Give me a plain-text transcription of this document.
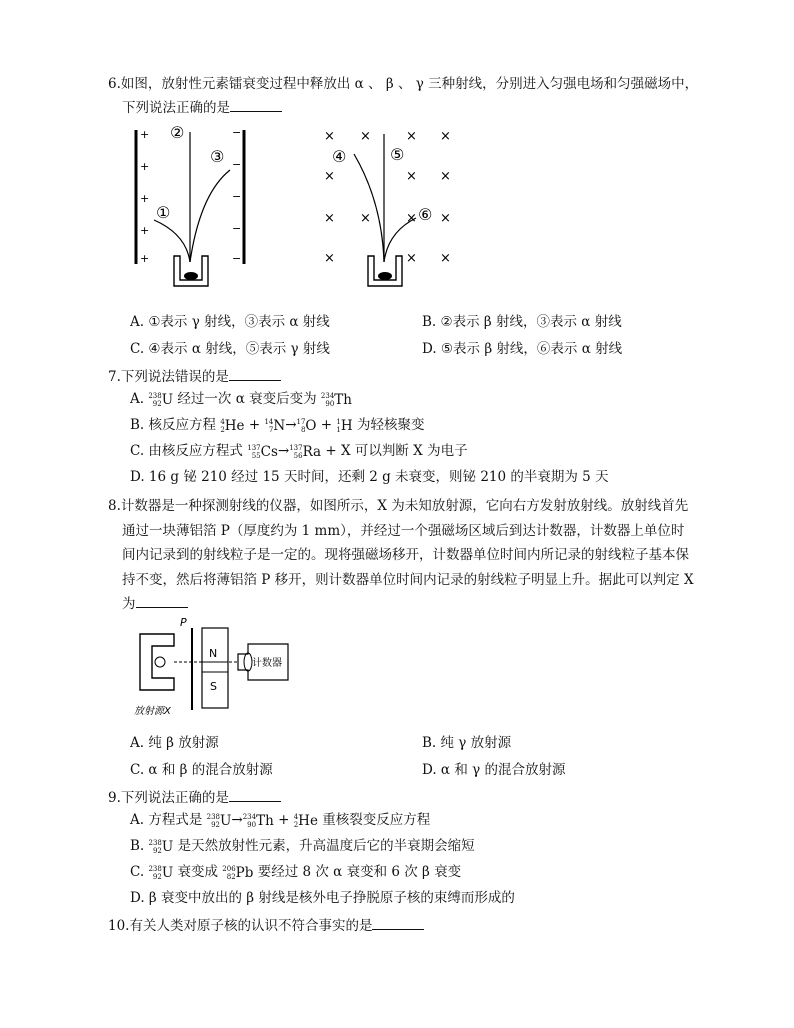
6.如图，放射性元素镭衰变过程中释放出 α 、 β 、 γ 三种射线，分别进入匀强电场和匀强磁场中，
下列说法正确的是
+
+
+
+
+
−
−
−
−
−
②
①
③
× ×	× ×
×	× ×
× ×	× ×
×	× ×
④	⑤
⑥
A. ①表示 γ 射线，③表示 α 射线	B. ②表示 β 射线，③表示 α 射线
C. ④表示 α 射线，⑤表示 γ 射线	D. ⑤表示 β 射线，⑥表示 α 射线
7.下列说法错误的是
A. 238
92 U 经过一次 α 衰变后变为 234
90 Th
B. 核反应方程 4
2 He + 14
7 N→ 17
8 O + 1
1 H 为轻核聚变
C. 由核反应方程式 137
55 Cs→ 137
56 Ra + X 可以判断 X 为电子
D. 16 g 铋 210 经过 15 天时间，还剩 2 g 未衰变，则铋 210 的半衰期为 5 天
8.计数器是一种探测射线的仪器，如图所示，X 为未知放射源，它向右方发射放射线。放射线首先
通过一块薄铝箔 P（厚度约为 1 mm），并经过一个强磁场区域后到达计数器，计数器上单位时
间内记录到的射线粒子是一定的。现将强磁场移开，计数器单位时间内所记录的射线粒子基本保
持不变，然后将薄铝箔 P 移开，则计数器单位时间内记录的射线粒子明显上升。据此可以判定 X
为
P
N
S
计数器
放射源X
A. 纯 β 放射源	B. 纯 γ 放射源
C. α 和 β 的混合放射源	D. α 和 γ 的混合放射源
9.下列说法正确的是
A. 方程式是 238
92 U→ 234
90 Th + 4
2 He 重核裂变反应方程
B. 238
92 U 是天然放射性元素，升高温度后它的半衰期会缩短
C. 238
92 U 衰变成 206
82 Pb 要经过 8 次 α 衰变和 6 次 β 衰变
D. β 衰变中放出的 β 射线是核外电子挣脱原子核的束缚而形成的
10.有关人类对原子核的认识不符合事实的是
